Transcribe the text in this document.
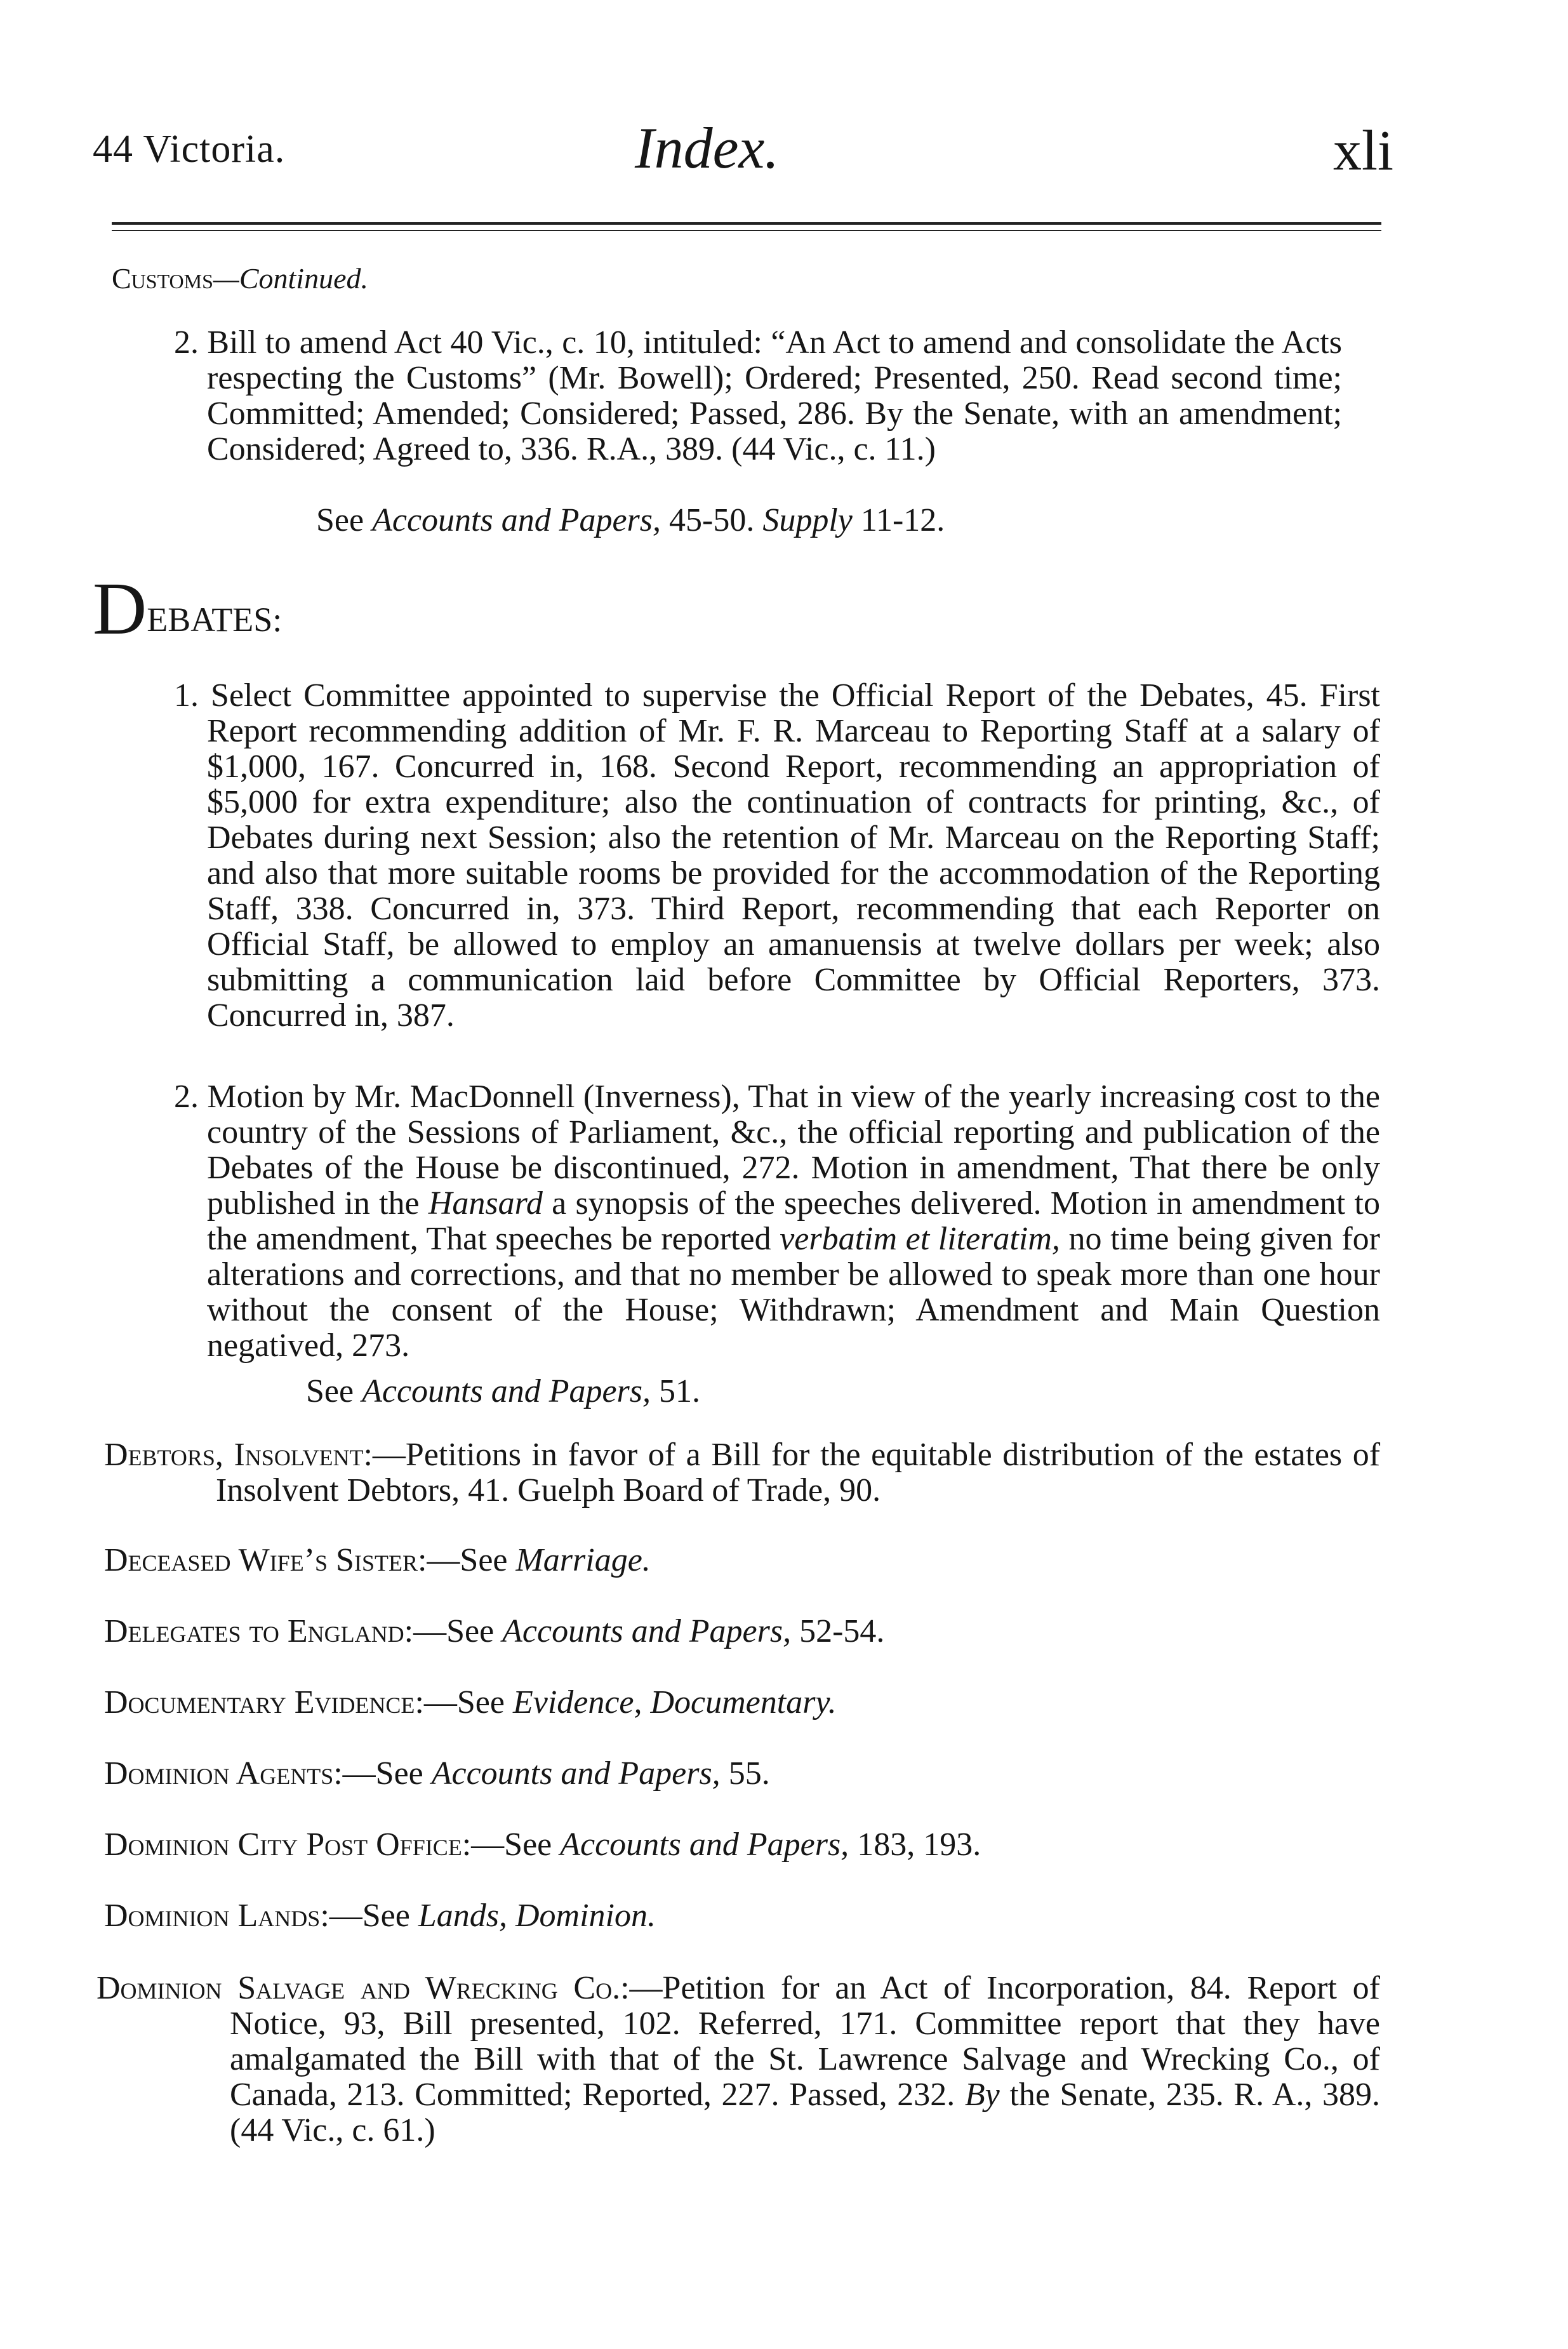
44 Victoria.	Index.	xli
Customs—Continued.
2. Bill to amend Act 40 Vic., c. 10, intituled: “An Act to amend and consolidate the Acts respecting the Customs” (Mr. Bowell); Ordered; Presented, 250. Read second time; Committed; Amended; Considered; Passed, 286. By the Senate, with an amendment; Considered; Agreed to, 336. R.A., 389. (44 Vic., c. 11.)
See Accounts and Papers, 45-50. Supply 11-12.
DEBATES:
1. Select Committee appointed to supervise the Official Report of the Debates, 45. First Report recommending addition of Mr. F. R. Marceau to Reporting Staff at a salary of $1,000, 167. Concurred in, 168. Second Report, recommending an appropriation of $5,000 for extra expenditure; also the continuation of contracts for printing, &c., of Debates during next Session; also the retention of Mr. Marceau on the Reporting Staff; and also that more suitable rooms be provided for the accommodation of the Reporting Staff, 338. Concurred in, 373. Third Report, recommending that each Reporter on Official Staff, be allowed to employ an amanuensis at twelve dollars per week; also submitting a communication laid before Committee by Official Reporters, 373. Concurred in, 387.
2. Motion by Mr. MacDonnell (Inverness), That in view of the yearly increasing cost to the country of the Sessions of Parliament, &c., the official reporting and publication of the Debates of the House be discontinued, 272. Motion in amendment, That there be only published in the Hansard a synopsis of the speeches delivered. Motion in amendment to the amendment, That speeches be reported verbatim et literatim, no time being given for alterations and corrections, and that no member be allowed to speak more than one hour without the consent of the House; Withdrawn; Amendment and Main Question negatived, 273.
See Accounts and Papers, 51.
Debtors, Insolvent:—Petitions in favor of a Bill for the equitable distribution of the estates of Insolvent Debtors, 41. Guelph Board of Trade, 90.
Deceased Wife’s Sister:—See Marriage.
Delegates to England:—See Accounts and Papers, 52-54.
Documentary Evidence:—See Evidence, Documentary.
Dominion Agents:—See Accounts and Papers, 55.
Dominion City Post Office:—See Accounts and Papers, 183, 193.
Dominion Lands:—See Lands, Dominion.
Dominion Salvage and Wrecking Co.:—Petition for an Act of Incorporation, 84. Report of Notice, 93, Bill presented, 102. Referred, 171. Committee report that they have amalgamated the Bill with that of the St. Lawrence Salvage and Wrecking Co., of Canada, 213. Committed; Reported, 227. Passed, 232. By the Senate, 235. R. A., 389. (44 Vic., c. 61.)
